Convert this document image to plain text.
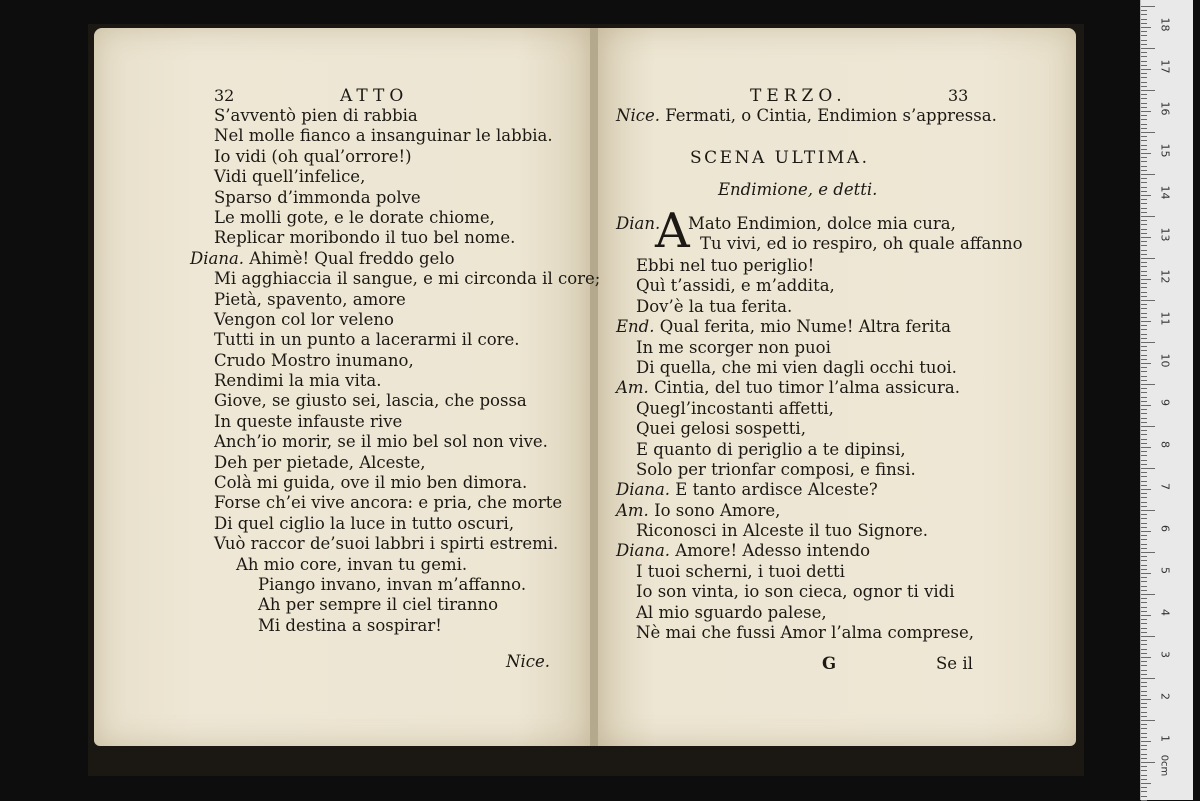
32	ATTO
S’avventò pien di rabbia
Nel molle fianco a insanguinar le labbia.
Io vidi (oh qual’orrore!)
Vidi quell’infelice,
Sparso d’immonda polve
Le molli gote, e le dorate chiome,
Replicar moribondo il tuo bel nome.
Diana. Ahimè! Qual freddo gelo
Mi agghiaccia il sangue, e mi circonda il core;
Pietà, spavento, amore
Vengon col lor veleno
Tutti in un punto a lacerarmi il core.
Crudo Mostro inumano,
Rendimi la mia vita.
Giove, se giusto sei, lascia, che possa
In queste infauste rive
Anch’io morir, se il mio bel sol non vive.
Deh per pietade, Alceste,
Colà mi guida, ove il mio ben dimora.
Forse ch’ei vive ancora: e pria, che morte
Di quel ciglio la luce in tutto oscuri,
Vuò raccor de’suoi labbri i spirti estremi.
Ah mio core, invan tu gemi.
Piango invano, invan m’affanno.
Ah per sempre il ciel tiranno
Mi destina a sospirar!
Nice.
TERZO.	33
Nice. Fermati, o Cintia, Endimion s’appressa.
SCENA ULTIMA.
Endimione, e detti.
Dian.
A
Mato Endimion, dolce mia cura,
Tu vivi, ed io respiro, oh quale affanno
Ebbi nel tuo periglio!
Quì t’assidi, e m’addita,
Dov’è la tua ferita.
End. Qual ferita, mio Nume! Altra ferita
In me scorger non puoi
Di quella, che mi vien dagli occhi tuoi.
Am. Cintia, del tuo timor l’alma assicura.
Quegl’incostanti affetti,
Quei gelosi sospetti,
E quanto di periglio a te dipinsi,
Solo per trionfar composi, e finsi.
Diana. E tanto ardisce Alceste?
Am. Io sono Amore,
Riconosci in Alceste il tuo Signore.
Diana. Amore! Adesso intendo
I tuoi scherni, i tuoi detti
Io son vinta, io son cieca, ognor ti vidi
Al mio sguardo palese,
Nè mai che fussi Amor l’alma comprese,
G	Se il
0cm
18
17
16
15
14
13
12
11
10
9
8
7
6
5
4
3
2
1
